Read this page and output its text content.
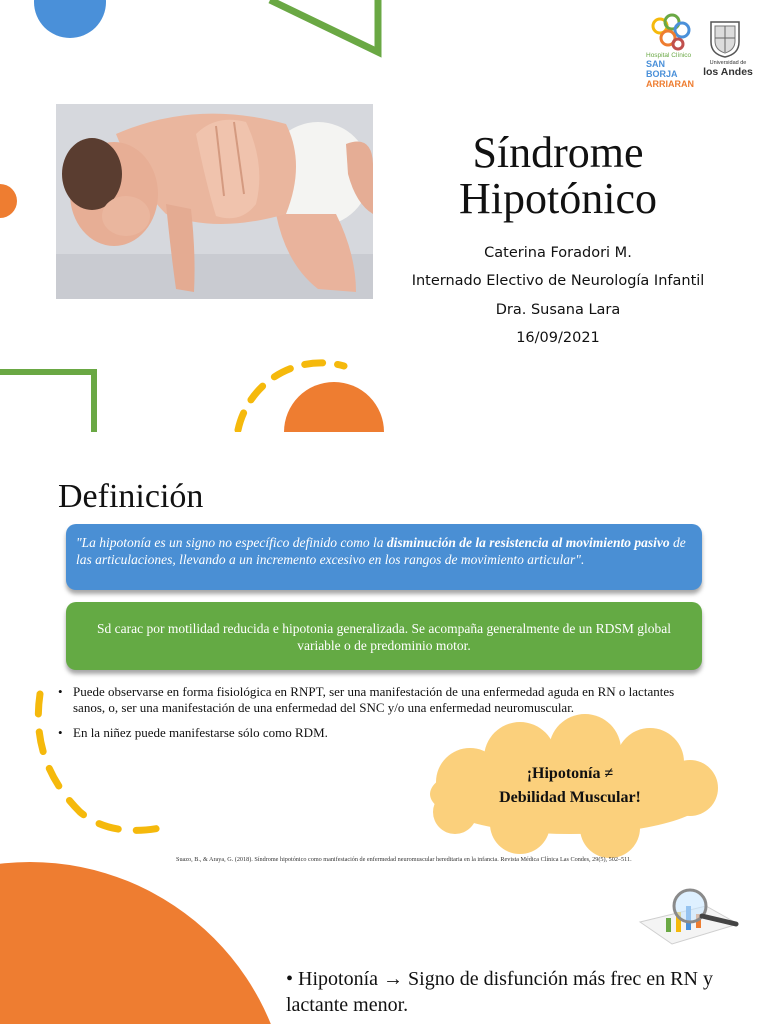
Síndrome
Hipotónico
Caterina Foradori M.
Internado Electivo de Neurología Infantil
Dra. Susana Lara
16/09/2021
Hospital Clínico
SAN BORJA
ARRIARAN
Universidad de
los Andes
Definición

"La hipotonía es un signo no específico definido como la disminución de la resistencia al movimiento pasivo de las articulaciones, llevando a un incremento excesivo en los rangos de movimiento articular".

Sd carac por motilidad reducida e hipotonia generalizada. Se acompaña generalmente de un RDSM global variable o de predominio motor.

• Puede observarse en forma fisiológica en RNPT, ser una manifestación de una enfermedad aguda en RN o lactantes sanos, o, ser una manifestación de una enfermedad del SNC y/o una enfermedad neuromuscular.
• En la niñez puede manifestarse sólo como RDM.
¡Hipotonía ≠
Debilidad Muscular!
Suazo, B., & Araya, G. (2018). Síndrome hipotónico como manifestación de enfermedad neuromuscular hereditaria en la infancia. Revista Médica Clínica Las Condes, 29(5), 502–511.
• Hipotonía → Signo de disfunción más frec en RN y lactante menor.
